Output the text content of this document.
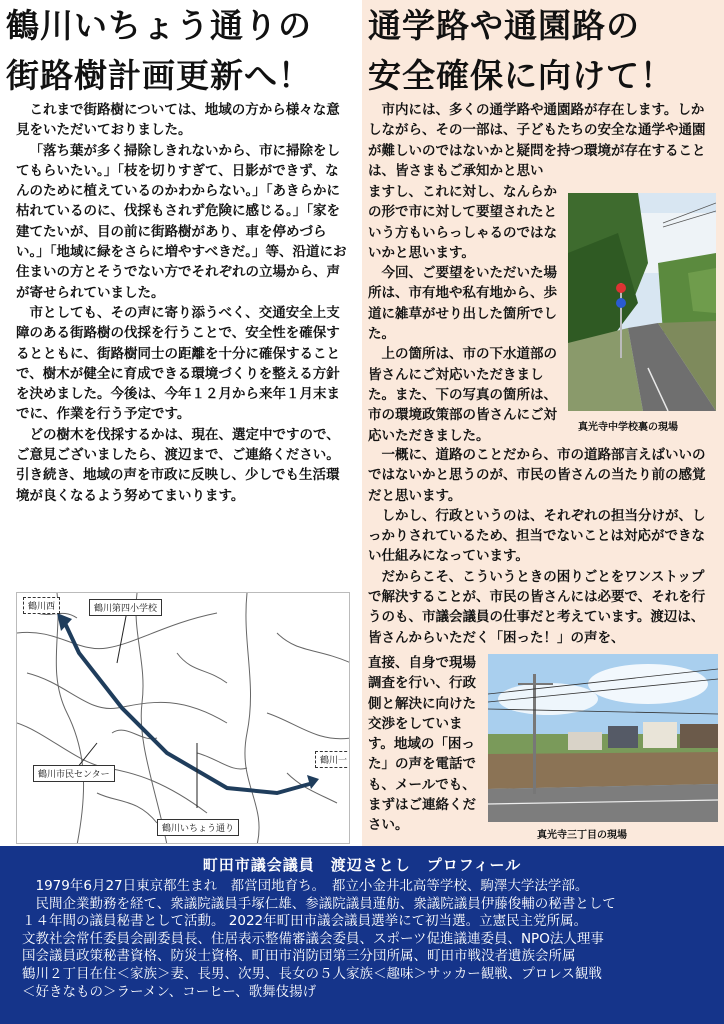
鶴川いちょう通りの
街路樹計画更新へ！
通学路や通園路の
安全確保に向けて！

これまで街路樹については、地域の方から様々な意見をいただいておりました。

「落ち葉が多く掃除しきれないから、市に掃除をしてもらいたい。」「枝を切りすぎて、日影ができず、なんのために植えているのかわからない。」「あきらかに枯れているのに、伐採もされず危険に感じる。」「家を建てたいが、目の前に街路樹があり、車を停めづらい。」「地域に緑をさらに増やすべきだ。」等、沿道にお住まいの方とそうでない方でそれぞれの立場から、声が寄せられていました。

市としても、その声に寄り添うべく、交通安全上支障のある街路樹の伐採を行うことで、安全性を確保するとともに、街路樹同士の距離を十分に確保することで、樹木が健全に育成できる環境づくりを整える方針を決めました。今後は、今年１２月から来年１月末までに、作業を行う予定です。

どの樹木を伐採するかは、現在、選定中ですので、ご意見ございましたら、渡辺まで、ご連絡ください。引き続き、地域の声を市政に反映し、少しでも生活環境が良くなるよう努めてまいります。

市内には、多くの通学路や通園路が存在します。しかしながら、その一部は、子どもたちの安全な通学や通園が難しいのではないかと疑問を持つ環境が存在することは、皆さまもご承知かと思い

ますし、これに対し、なんらかの形で市に対して要望されたという方もいらっしゃるのではないかと思います。

今回、ご要望をいただいた場所は、市有地や私有地から、歩道に雑草がせり出した箇所でした。

上の箇所は、市の下水道部の皆さんにご対応いただきました。また、下の写真の箇所は、市の環境政策部の皆さんにご対応いただきました。

真光寺中学校裏の現場

一概に、道路のことだから、市の道路部言えばいいのではないかと思うのが、市民の皆さんの当たり前の感覚だと思います。

しかし、行政というのは、それぞれの担当分けが、しっかりされているため、担当でないことは対応ができない仕組みになっています。

だからこそ、こういうときの困りごとをワンストップで解決することが、市民の皆さんには必要で、それを行うのも、市議会議員の仕事だと考えています。渡辺は、皆さんからいただく「困った！」の声を、

直接、自身で現場調査を行い、行政側と解決に向けた交渉をしています。地域の「困った」の声を電話でも、メールでも、まずはご連絡ください。

真光寺三丁目の現場
鶴川西	鶴川第四小学校
鶴川市民センター
鶴川一
鶴川いちょう通り
町田市議会議員　渡辺さとし　プロフィール
　1979年6月27日東京都生まれ　都営団地育ち。　都立小金井北高等学校、駒澤大学法学部。
　民間企業勤務を経て、衆議院議員手塚仁雄、参議院議員蓮舫、衆議院議員伊藤俊輔の秘書として
１４年間の議員秘書として活動。 2022年町田市議会議員選挙にて初当選。立憲民主党所属。
文教社会常任委員会副委員長、住居表示整備審議会委員、スポーツ促進議連委員、NPO法人理事
国会議員政策秘書資格、防災士資格、町田市消防団第三分団所属、町田市戦没者遺族会所属
鶴川２丁目在住＜家族＞妻、長男、次男、長女の５人家族＜趣味＞サッカー観戦、プロレス観戦
＜好きなもの＞ラーメン、コーヒー、歌舞伎揚げ
